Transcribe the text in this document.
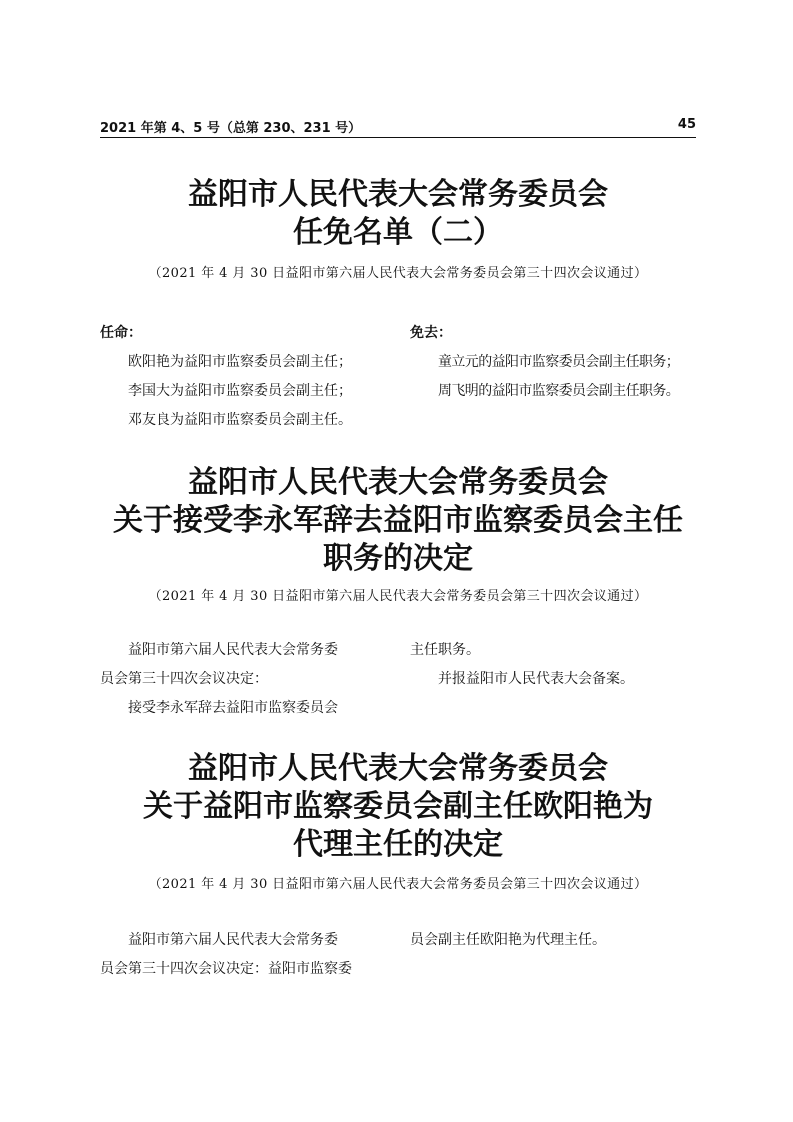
2021 年第 4、5 号（总第 230、231 号）	45
益阳市人民代表大会常务委员会
任免名单（二）
（2021 年 4 月 30 日益阳市第六届人民代表大会常务委员会第三十四次会议通过）
任命：
欧阳艳为益阳市监察委员会副主任；
李国大为益阳市监察委员会副主任；
邓友良为益阳市监察委员会副主任。
免去：
童立元的益阳市监察委员会副主任职务；
周飞明的益阳市监察委员会副主任职务。
益阳市人民代表大会常务委员会
关于接受李永军辞去益阳市监察委员会主任
职务的决定
（2021 年 4 月 30 日益阳市第六届人民代表大会常务委员会第三十四次会议通过）
益阳市第六届人民代表大会常务委
员会第三十四次会议决定：
接受李永军辞去益阳市监察委员会
主任职务。
并报益阳市人民代表大会备案。
益阳市人民代表大会常务委员会
关于益阳市监察委员会副主任欧阳艳为
代理主任的决定
（2021 年 4 月 30 日益阳市第六届人民代表大会常务委员会第三十四次会议通过）
益阳市第六届人民代表大会常务委
员会第三十四次会议决定：益阳市监察委
员会副主任欧阳艳为代理主任。
